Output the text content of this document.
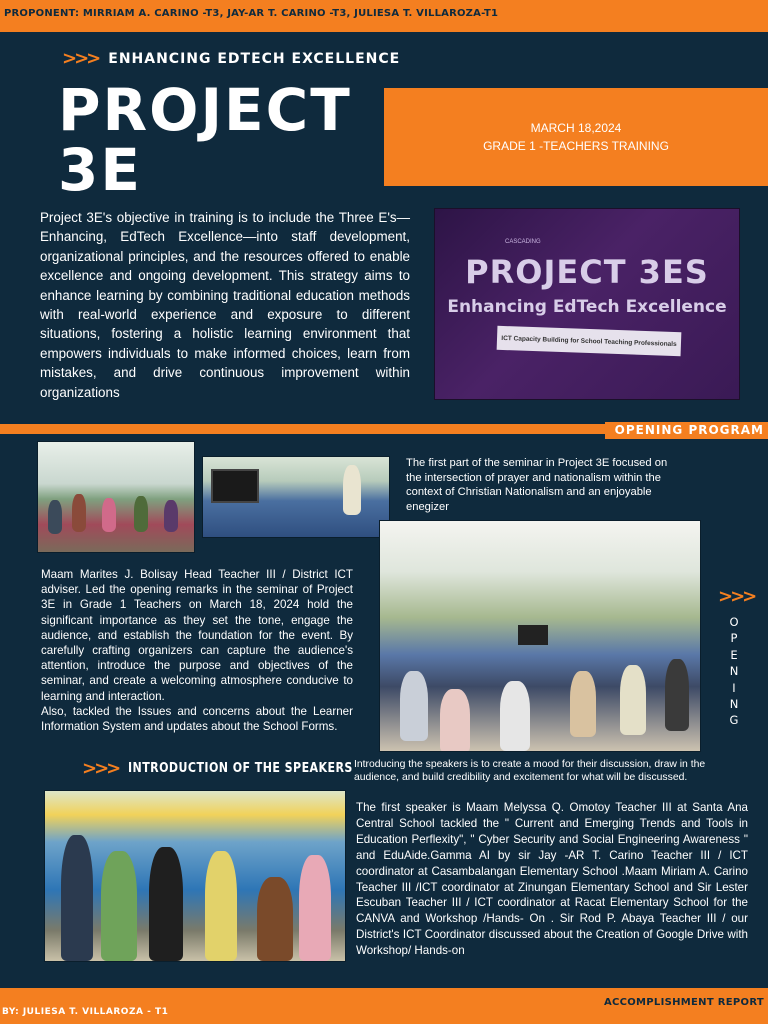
PROPONENT: MIRRIAM A. CARINO -T3, JAY-AR T. CARINO -T3, JULIESA T. VILLAROZA-T1
>>> ENHANCING EDTECH EXCELLENCE
PROJECT 3E
MARCH 18,2024
GRADE 1 -TEACHERS TRAINING

Project 3E's objective in training is to include the Three E's—Enhancing, EdTech Excellence—into staff development, organizational principles, and the resources offered to enable excellence and ongoing development. This strategy aims to enhance learning by combining traditional education methods with real-world experience and exposure to different situations, fostering a holistic learning environment that empowers individuals to make informed choices, learn from mistakes, and drive continuous improvement within organizations

CASCADING
PROJECT 3ES
Enhancing EdTech Excellence
ICT Capacity Building for School Teaching Professionals
OPENING PROGRAM

The first part of the seminar in Project 3E focused on the intersection of prayer and nationalism within the context of Christian Nationalism and an enjoyable enegizer

>>>
O
P
E
N
I
N
G

Maam Marites J. Bolisay Head Teacher III / District ICT adviser. Led the opening remarks in the seminar of Project 3E in Grade 1 Teachers on March 18, 2024 hold the significant importance as they set the tone, engage the audience, and establish the foundation for the event. By carefully crafting organizers can capture the audience's attention, introduce the purpose and objectives of the seminar, and create a welcoming atmosphere conducive to learning and interaction.

Also, tackled the Issues and concerns about the Learner Information System and updates about the School Forms.

>>> INTRODUCTION OF THE SPEAKERS Introducing the speakers is to create a mood for their discussion, draw in the audience, and build credibility and excitement for what will be discussed.

The first speaker is Maam Melyssa Q. Omotoy Teacher III at Santa Ana Central School tackled the " Current and Emerging Trends and Tools in Education Perflexity", " Cyber Security and Social Engineering Awareness " and EduAide.Gamma AI by sir Jay -AR T. Carino Teacher III / ICT coordinator at Casambalangan Elementary School .Maam Miriam A. Carino Teacher III /ICT coordinator at Zinungan Elementary School and Sir Lester Escuban Teacher III / ICT coordinator at Racat Elementary School for the CANVA and Workshop /Hands- On . Sir Rod P. Abaya Teacher III / our District's ICT Coordinator discussed about the Creation of Google Drive with Workshop/ Hands-on

ACCOMPLISHMENT REPORT
BY: JULIESA T. VILLAROZA - T1
